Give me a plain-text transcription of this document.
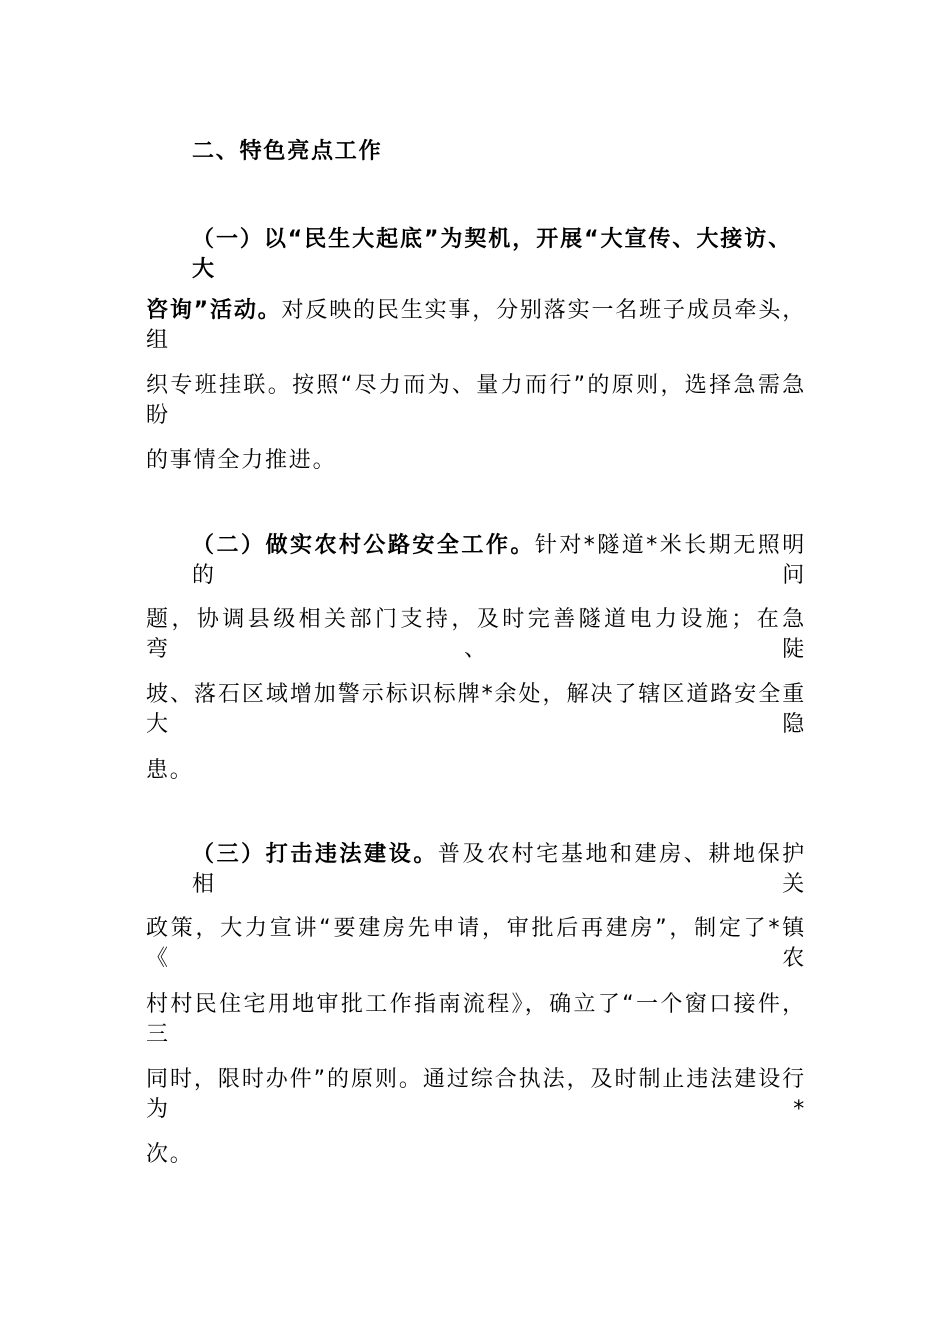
二、特色亮点工作
（一）以“民生大起底”为契机，开展“大宣传、大接访、大
咨询”活动。对反映的民生实事，分别落实一名班子成员牵头，组
织专班挂联。按照“尽力而为、量力而行”的原则，选择急需急盼
的事情全力推进。
（二）做实农村公路安全工作。针对*隧道*米长期无照明的问
题，协调县级相关部门支持，及时完善隧道电力设施；在急弯、陡
坡、落石区域增加警示标识标牌*余处，解决了辖区道路安全重大隐
患。
（三）打击违法建设。普及农村宅基地和建房、耕地保护相关
政策，大力宣讲“要建房先申请，审批后再建房”，制定了*镇《农
村村民住宅用地审批工作指南流程》，确立了“一个窗口接件，三
同时，限时办件”的原则。通过综合执法，及时制止违法建设行为*
次。
